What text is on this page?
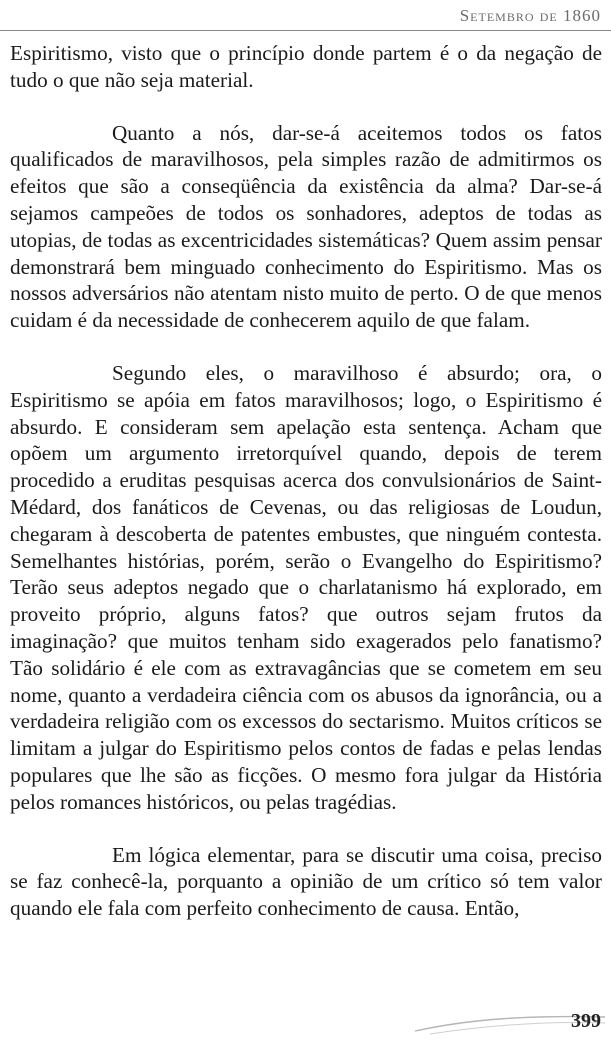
Setembro de 1860

Espiritismo, visto que o princípio donde partem é o da negação de tudo o que não seja material.

Quanto a nós, dar-se-á aceitemos todos os fatos qualificados de maravilhosos, pela simples razão de admitirmos os efeitos que são a conseqüência da existência da alma? Dar-se-á sejamos campeões de todos os sonhadores, adeptos de todas as utopias, de todas as excentricidades sistemáticas? Quem assim pensar demonstrará bem minguado conhecimento do Espiritismo. Mas os nossos adversários não atentam nisto muito de perto. O de que menos cuidam é da necessidade de conhecerem aquilo de que falam.

Segundo eles, o maravilhoso é absurdo; ora, o Espiritismo se apóia em fatos maravilhosos; logo, o Espiritismo é absurdo. E consideram sem apelação esta sentença. Acham que opõem um argumento irretorquível quando, depois de terem procedido a eruditas pesquisas acerca dos convulsionários de Saint-Médard, dos fanáticos de Cevenas, ou das religiosas de Loudun, chegaram à descoberta de patentes embustes, que ninguém contesta. Semelhantes histórias, porém, serão o Evangelho do Espiritismo? Terão seus adeptos negado que o charlatanismo há explorado, em proveito próprio, alguns fatos? que outros sejam frutos da imaginação? que muitos tenham sido exagerados pelo fanatismo? Tão solidário é ele com as extravagâncias que se cometem em seu nome, quanto a verdadeira ciência com os abusos da ignorância, ou a verdadeira religião com os excessos do sectarismo. Muitos críticos se limitam a julgar do Espiritismo pelos contos de fadas e pelas lendas populares que lhe são as ficções. O mesmo fora julgar da História pelos romances históricos, ou pelas tragédias.

Em lógica elementar, para se discutir uma coisa, preciso se faz conhecê-la, porquanto a opinião de um crítico só tem valor quando ele fala com perfeito conhecimento de causa. Então,

399
